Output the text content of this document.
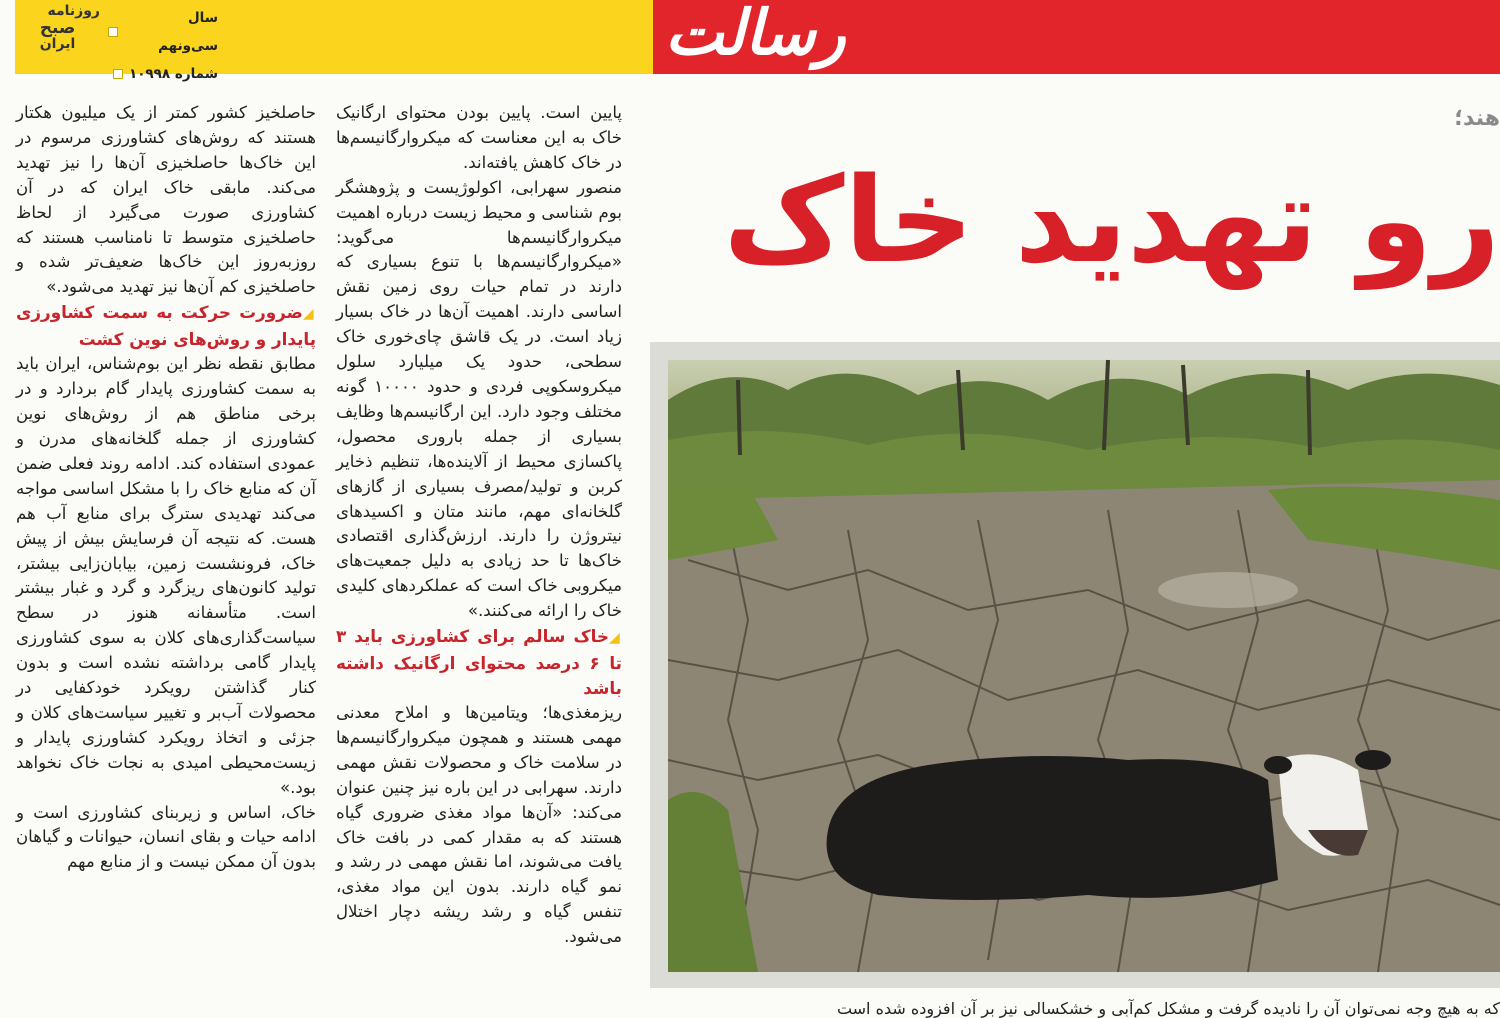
روزنامه
صبح
ایران
سال سی‌ونهم
شماره ۱۰۹۹۸
رسالت
هند؛
رو تهدید خاک

پایین است. پایین بودن محتوای ارگانیک خاک به این معناست که میکروارگانیسم‌ها در خاک کاهش یافته‌اند.

منصور سهرابی، اکولوژیست و پژوهشگر بوم شناسی و محیط زیست درباره اهمیت میکروارگانیسم‌ها می‌گوید: «میکروارگانیسم‌ها با تنوع بسیاری که دارند در تمام حیات روی زمین نقش اساسی دارند. اهمیت آن‌ها در خاک بسیار زیاد است. در یک قاشق چای‌خوری خاک سطحی، حدود یک میلیارد سلول میکروسکوپی فردی و حدود ۱۰۰۰۰ گونه مختلف وجود دارد. این ارگانیسم‌ها وظایف بسیاری از جمله باروری محصول، پاکسازی محیط از آلاینده‌ها، تنظیم ذخایر کربن و تولید/مصرف بسیاری از گازهای گلخانه‌ای مهم، مانند متان و اکسیدهای نیتروژن را دارند. ارزش‌گذاری اقتصادی خاک‌ها تا حد زیادی به دلیل جمعیت‌های میکروبی خاک است که عملکردهای کلیدی خاک را ارائه می‌کنند.»

◢خاک سالم برای کشاورزی باید ۳ تا ۶ درصد محتوای ارگانیک داشته باشد

ریزمغذی‌ها؛ ویتامین‌ها و املاح معدنی مهمی هستند و همچون میکروارگانیسم‌ها در سلامت خاک و محصولات نقش مهمی دارند. سهرابی در این باره نیز چنین عنوان می‌کند: «آن‌ها مواد مغذی ضروری گیاه هستند که به مقدار کمی در بافت خاک یافت می‌شوند، اما نقش مهمی در رشد و نمو گیاه دارند. بدون این مواد مغذی، تنفس گیاه و رشد ریشه دچار اختلال می‌شود.

حاصلخیز کشور کمتر از یک میلیون هکتار هستند که روش‌های کشاورزی مرسوم در این خاک‌ها حاصلخیزی آن‌ها را نیز تهدید می‌کند. مابقی خاک ایران که در آن کشاورزی صورت می‌گیرد از لحاظ حاصلخیزی متوسط تا نامناسب هستند که روزبه‌روز این خاک‌ها ضعیف‌تر شده و حاصلخیزی کم آن‌ها نیز تهدید می‌شود.»

◢ضرورت حرکت به سمت کشاورزی پایدار و روش‌های نوین کشت

مطابق نقطه نظر این بوم‌شناس، ایران باید به سمت کشاورزی پایدار گام بردارد و در برخی مناطق هم از روش‌های نوین کشاورزی از جمله گلخانه‌های مدرن و عمودی استفاده کند. ادامه روند فعلی ضمن آن که منابع خاک را با مشکل اساسی مواجه می‌کند تهدیدی سترگ برای منابع آب هم هست. که نتیجه آن فرسایش بیش از پیش خاک، فرونشست زمین، بیابان‌زایی بیشتر، تولید کانون‌های ریزگرد و گرد و غبار بیشتر است. متأسفانه هنوز در سطح سیاست‌گذاری‌های کلان به سوی کشاورزی پایدار گامی برداشته نشده است و بدون کنار گذاشتن رویکرد خودکفایی در محصولات آب‌بر و تغییر سیاست‌های کلان و جزئی و اتخاذ رویکرد کشاورزی پایدار و زیست‌محیطی امیدی به نجات خاک نخواهد بود.»

خاک، اساس و زیربنای کشاورزی است و ادامه حیات و بقای انسان، حیوانات و گیاهان بدون آن ممکن نیست و از منابع مهم

که به هیچ وجه نمی‌توان آن را نادیده گرفت و مشکل کم‌آبی و خشکسالی نیز بر آن افزوده شده است
